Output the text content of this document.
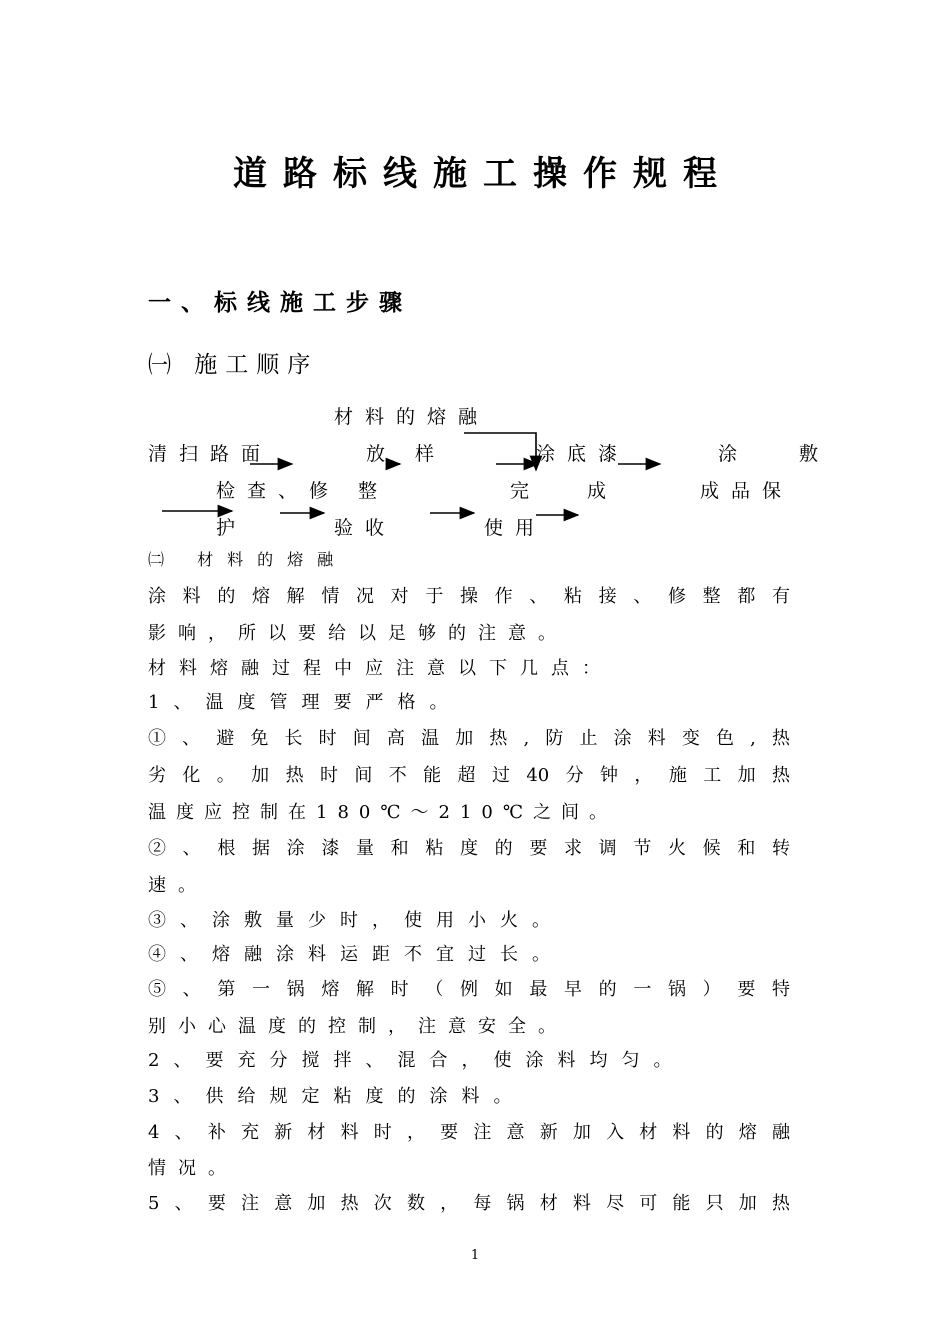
道路标线施工操作规程
一、标线施工步骤
㈠ 施工顺序
材料的熔融
清扫路面	放 样	涂底漆	涂 敷
检查、修 整	完 成	成品保
护	验收	使用
㈡ 材料的熔融
涂料的熔解情况对于操作、粘接、修整都有
影响，所以要给以足够的注意。
材料熔融过程中应注意以下几点：
1、温度管理要严格。
①、避免长时间高温加热,防止涂料变色,热
劣化。加热时间不能超过40分钟，施工加热
温度应控制在180℃～210℃之间。
②、根据涂漆量和粘度的要求调节火候和转
速。
③、涂敷量少时，使用小火。
④、熔融涂料运距不宜过长。
⑤、第一锅熔解时（例如最早的一锅）要特
别小心温度的控制，注意安全。
2、要充分搅拌、混合，使涂料均匀。
3、供给规定粘度的涂料。
4、补充新材料时，要注意新加入材料的熔融
情况。
5、要注意加热次数，每锅材料尽可能只加热
1
